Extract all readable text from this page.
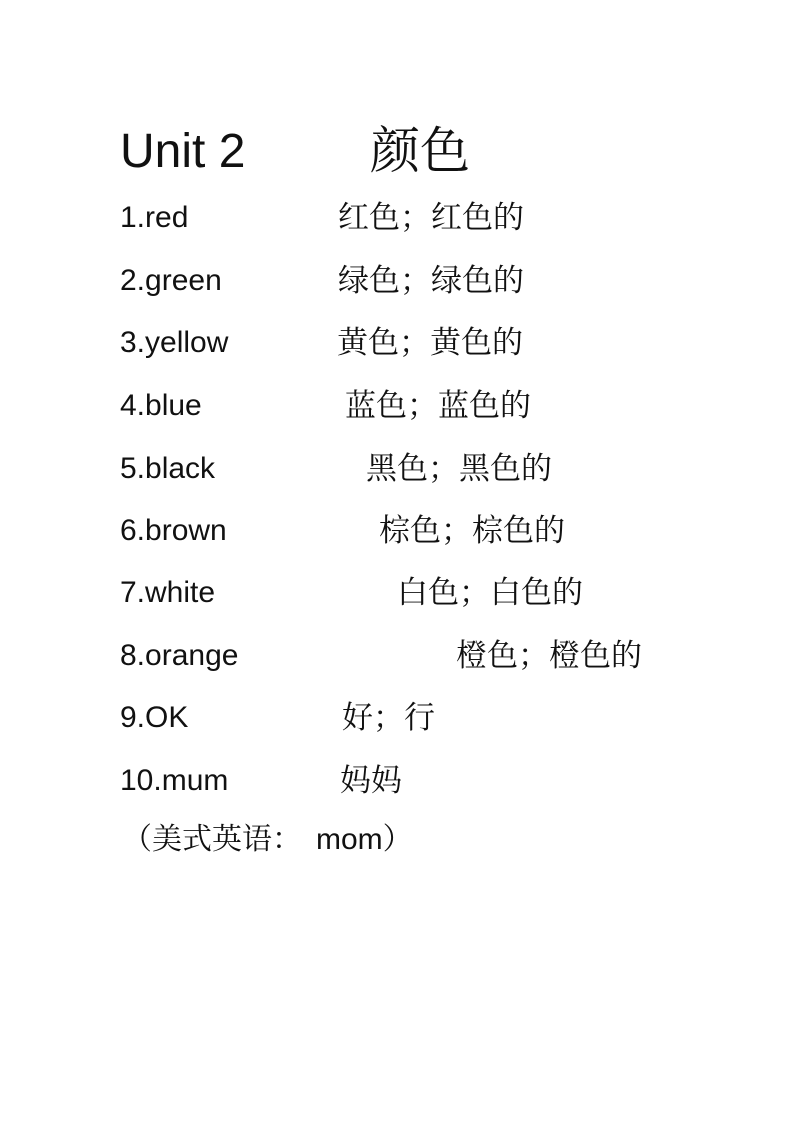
Unit 2 颜色
1.red	红色；红色的
2.green	绿色；绿色的
3.yellow	黄色；黄色的
4.blue	蓝色；蓝色的
5.black	黑色；黑色的
6.brown	棕色；棕色的
7.white	白色；白色的
8.orange	橙色；橙色的
9.OK	好；行
10.mum	妈妈
（美式英语： mom）
